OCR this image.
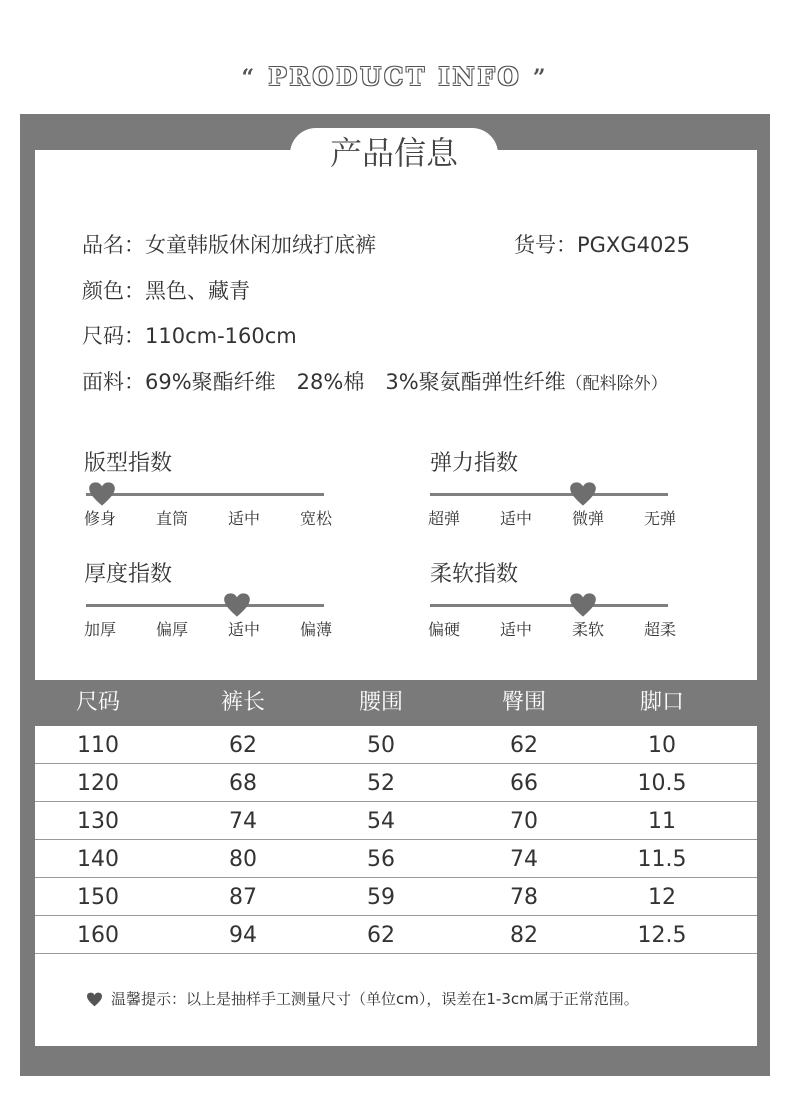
“ PRODUCT INFO ”
产品信息
品名：女童韩版休闲加绒打底裤	货号：PGXG4025
颜色：黑色、藏青
尺码：110cm-160cm
面料：69%聚酯纤维　28%棉　3%聚氨酯弹性纤维（配料除外）
版型指数
修身 直筒 适中 宽松
弹力指数
超弹 适中 微弹 无弹
厚度指数
加厚 偏厚 适中 偏薄
柔软指数
偏硬 适中 柔软 超柔
尺码	裤长	腰围	臀围	脚口
110	62	50	62	10
120	68	52	66	10.5
130	74	54	70	11
140	80	56	74	11.5
150	87	59	78	12
160	94	62	82	12.5
温馨提示：以上是抽样手工测量尺寸（单位cm），误差在1-3cm属于正常范围。
